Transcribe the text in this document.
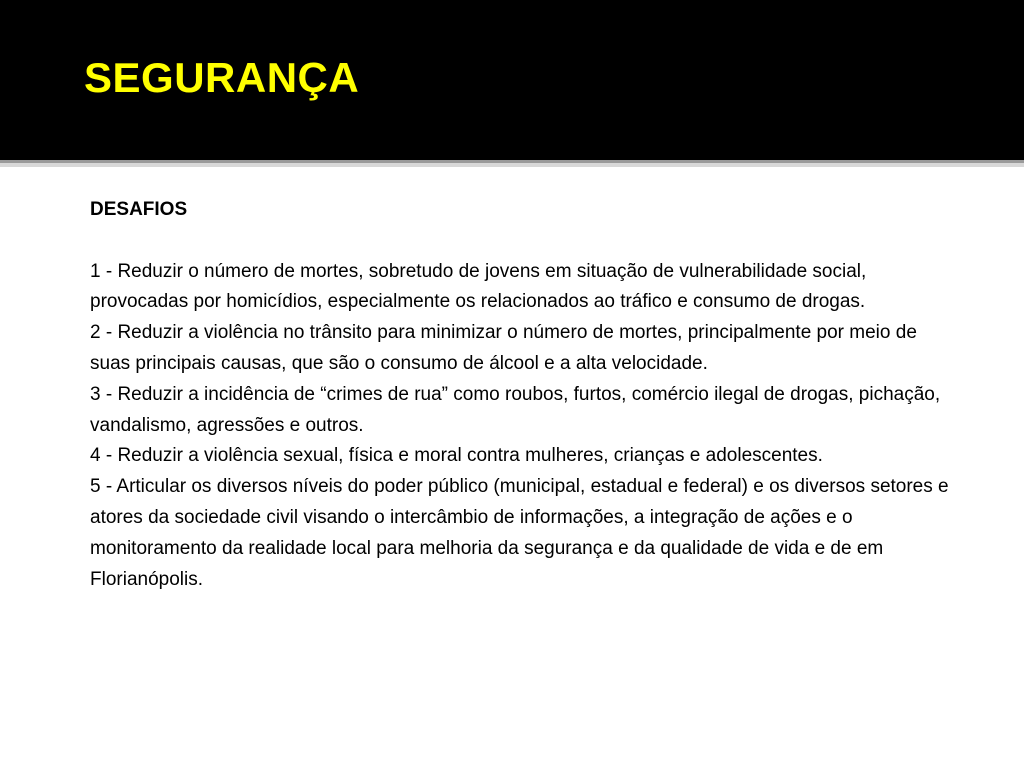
SEGURANÇA

DESAFIOS

1 - Reduzir o número de mortes, sobretudo de jovens em situação de vulnerabilidade social, provocadas por homicídios, especialmente os relacionados ao tráfico e consumo de drogas.

2 - Reduzir a violência no trânsito para minimizar o número de mortes, principalmente por meio de suas principais causas, que são o consumo de álcool e a alta velocidade.

3 - Reduzir a incidência de “crimes de rua” como roubos, furtos, comércio ilegal de drogas, pichação, vandalismo, agressões e outros.

4 - Reduzir a violência sexual, física e moral contra mulheres, crianças e adolescentes.

5 - Articular os diversos níveis do poder público (municipal, estadual e federal) e os diversos setores e atores da sociedade civil visando o intercâmbio de informações, a integração de ações e o monitoramento da realidade local para melhoria da segurança e da qualidade de vida e de em Florianópolis.
